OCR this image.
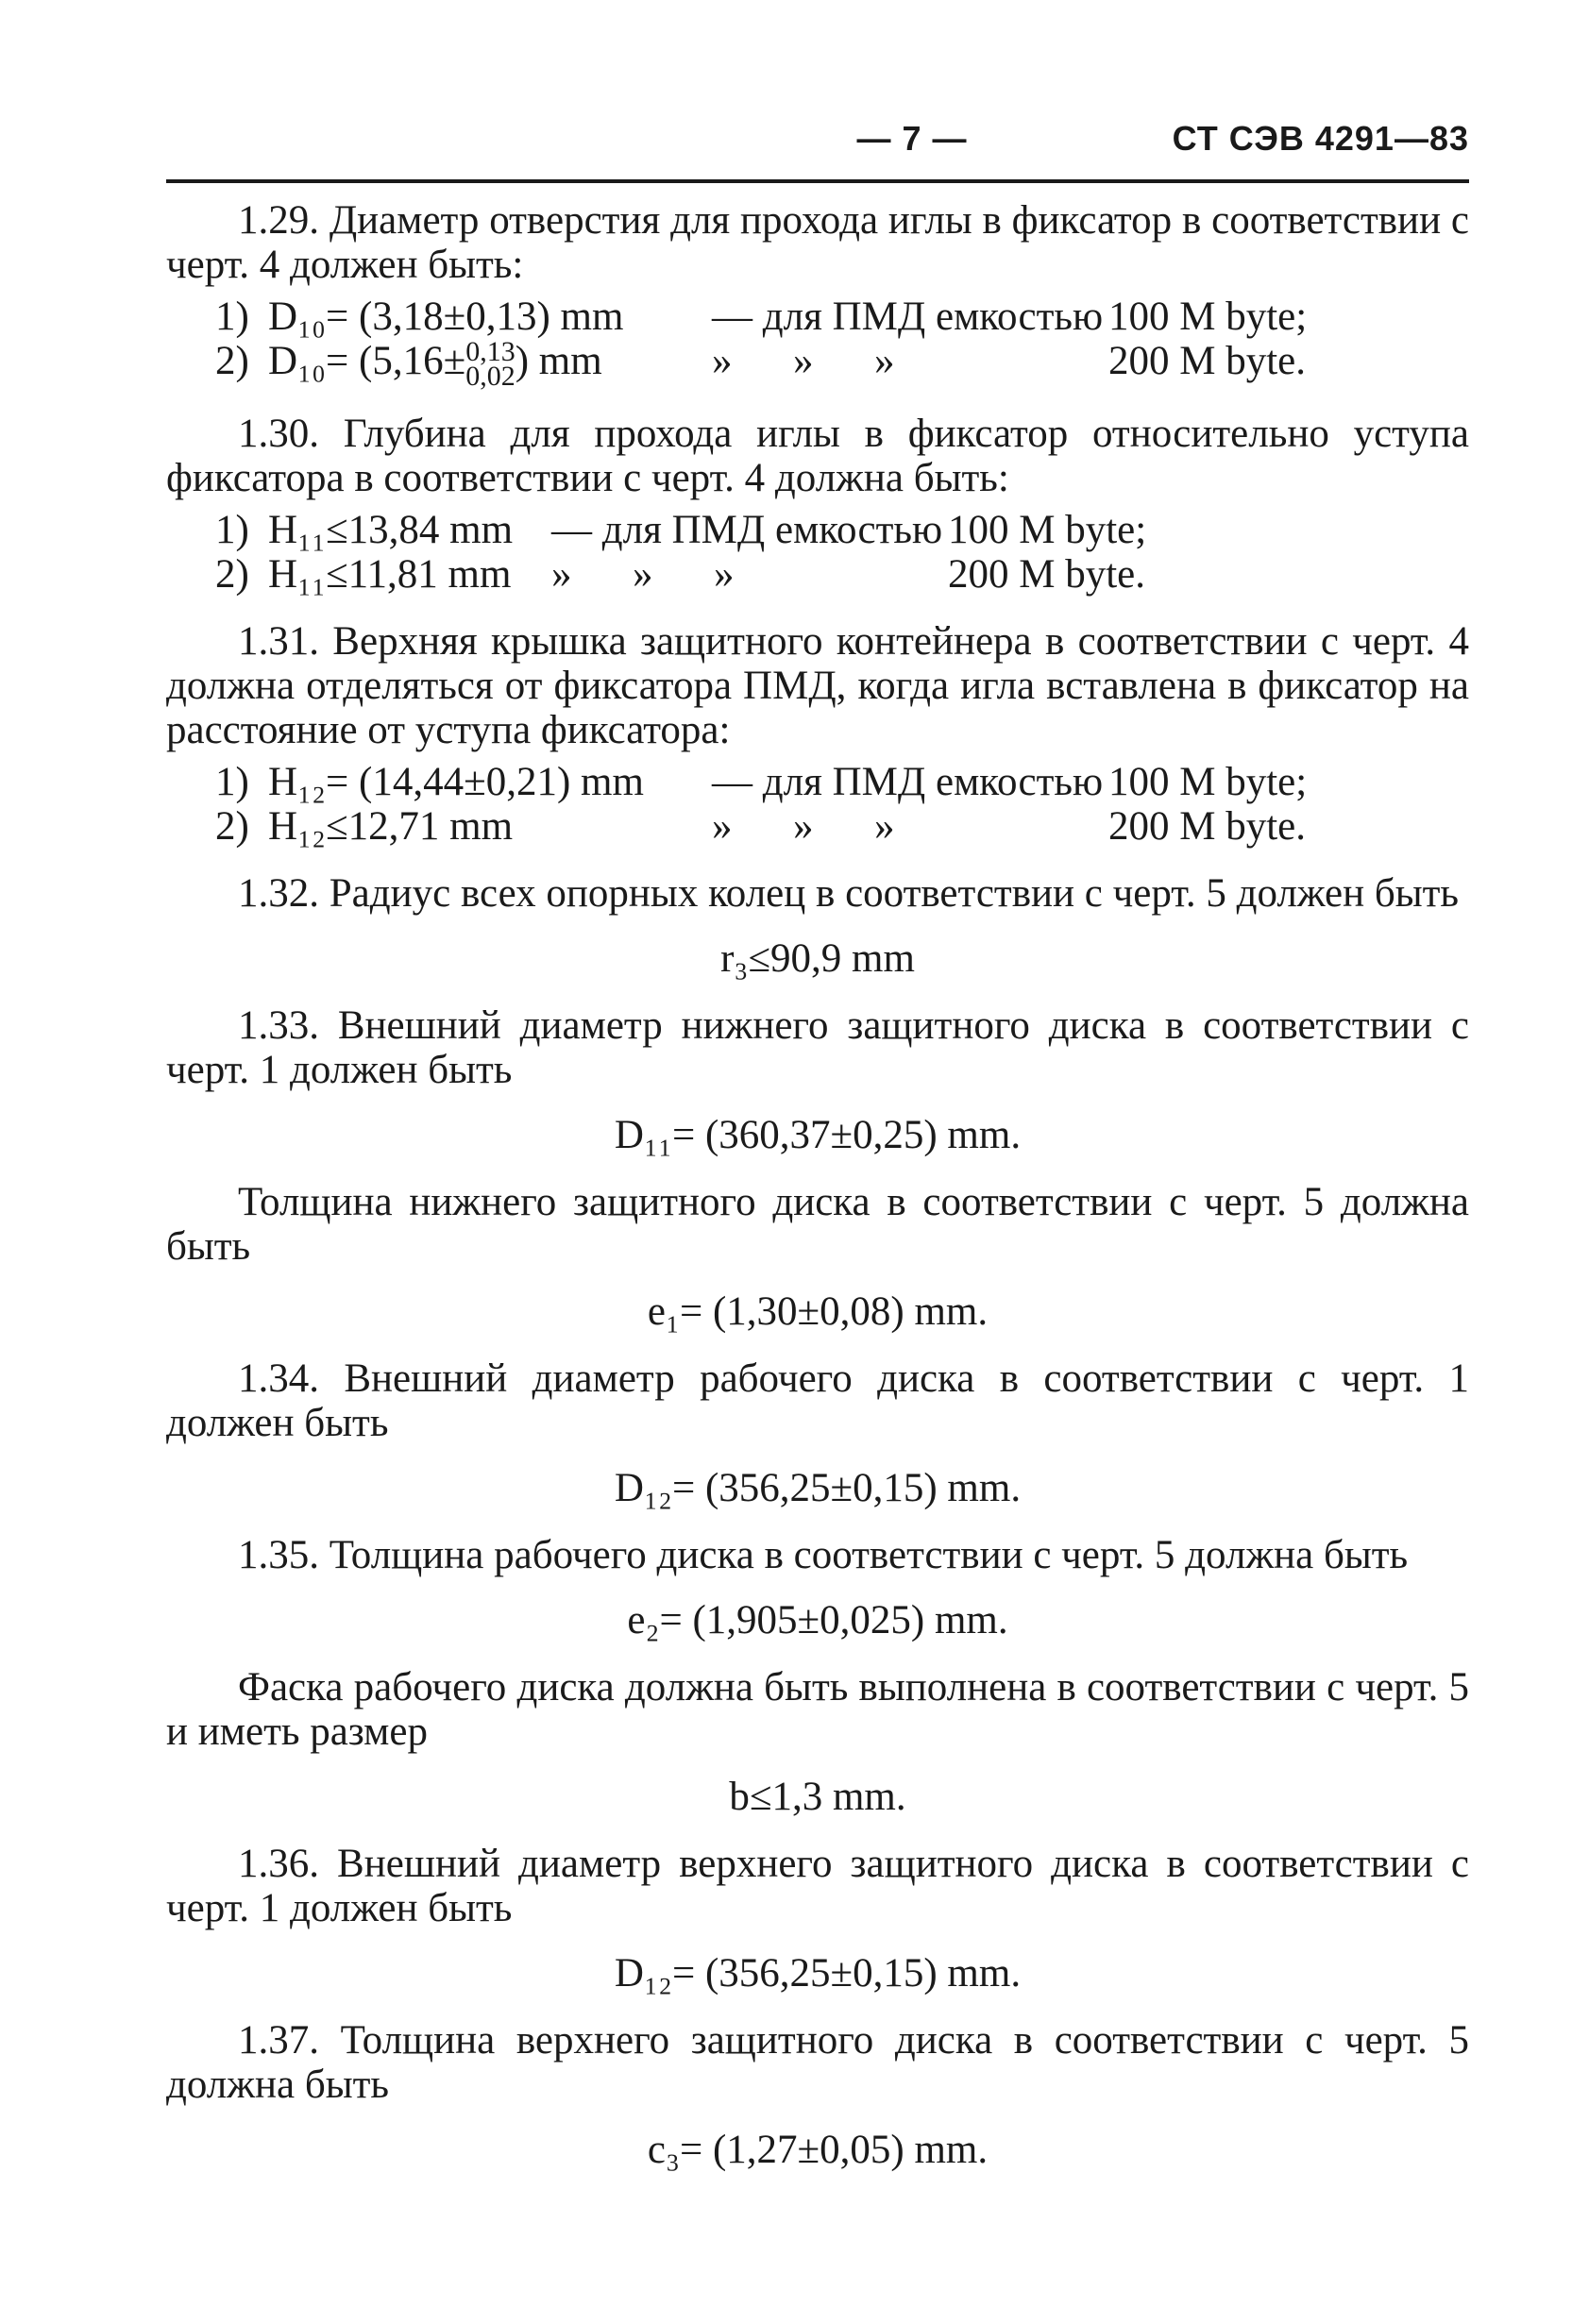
— 7 —	СТ СЭВ 4291—83

1.29. Диаметр отверстия для прохода иглы в фиксатор в соответствии с черт. 4 должен быть:

1) D₁₀= (3,18±0,13) mm — для ПМД емкостью 100 M byte;
2) D₁₀= (5,16± 0,13
0,02 ) mm	»      »      »	200 M byte.

1.30. Глубина для прохода иглы в фиксатор относительно уступа фиксатора в соответствии с черт. 4 должна быть:

1) H₁₁≤13,84 mm — для ПМД емкостью 100 M byte;
2) H₁₁≤11,81 mm »      »      »	200 M byte.

1.31. Верхняя крышка защитного контейнера в соответствии с черт. 4 должна отделяться от фиксатора ПМД, когда игла вставлена в фиксатор на расстояние от уступа фиксатора:

1) H₁₂= (14,44±0,21) mm — для ПМД емкостью 100 M byte;
2) H₁₂≤12,71 mm	»      »      »	200 M byte.

1.32. Радиус всех опорных колец в соответствии с черт. 5 должен быть

r₃≤90,9 mm

1.33. Внешний диаметр нижнего защитного диска в соответствии с черт. 1 должен быть

D₁₁= (360,37±0,25) mm.

Толщина нижнего защитного диска в соответствии с черт. 5 должна быть

e₁= (1,30±0,08) mm.

1.34. Внешний диаметр рабочего диска в соответствии с черт. 1 должен быть

D₁₂= (356,25±0,15) mm.

1.35. Толщина рабочего диска в соответствии с черт. 5 должна быть

e₂= (1,905±0,025) mm.

Фаска рабочего диска должна быть выполнена в соответствии с черт. 5 и иметь размер

b≤1,3 mm.

1.36. Внешний диаметр верхнего защитного диска в соответствии с черт. 1 должен быть

D₁₂= (356,25±0,15) mm.

1.37. Толщина верхнего защитного диска в соответствии с черт. 5 должна быть

c₃= (1,27±0,05) mm.
